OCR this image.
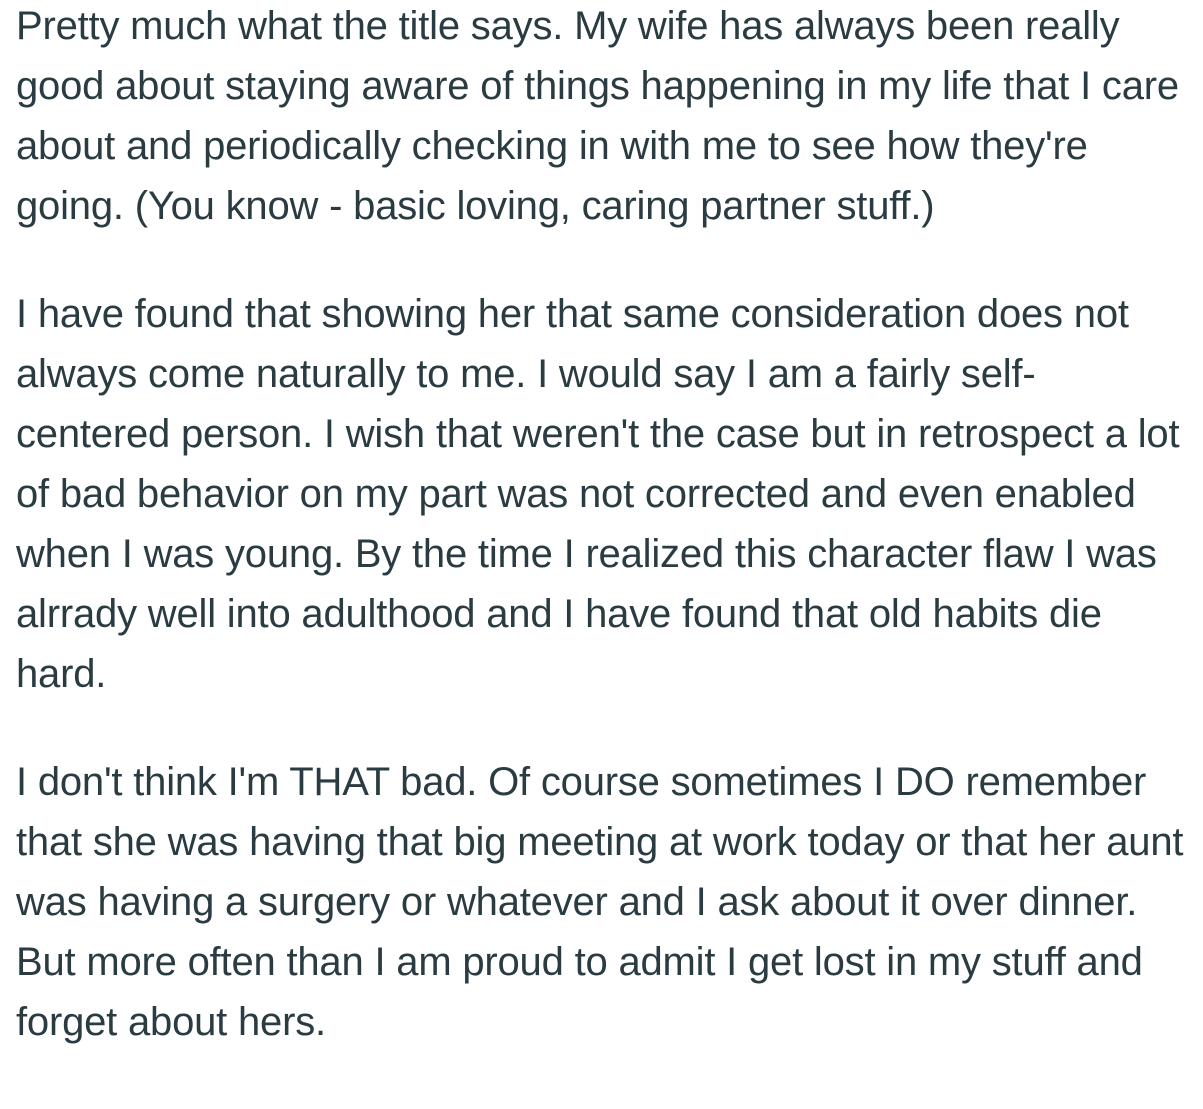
Pretty much what the title says. My wife has always been really good about staying aware of things happening in my life that I care about and periodically checking in with me to see how they're going. (You know - basic loving, caring partner stuff.)

I have found that showing her that same consideration does not always come naturally to me. I would say I am a fairly self-centered person. I wish that weren't the case but in retrospect a lot of bad behavior on my part was not corrected and even enabled when I was young. By the time I realized this character flaw I was alrrady well into adulthood and I have found that old habits die hard.

I don't think I'm THAT bad. Of course sometimes I DO remember that she was having that big meeting at work today or that her aunt was having a surgery or whatever and I ask about it over dinner. But more often than I am proud to admit I get lost in my stuff and forget about hers.
